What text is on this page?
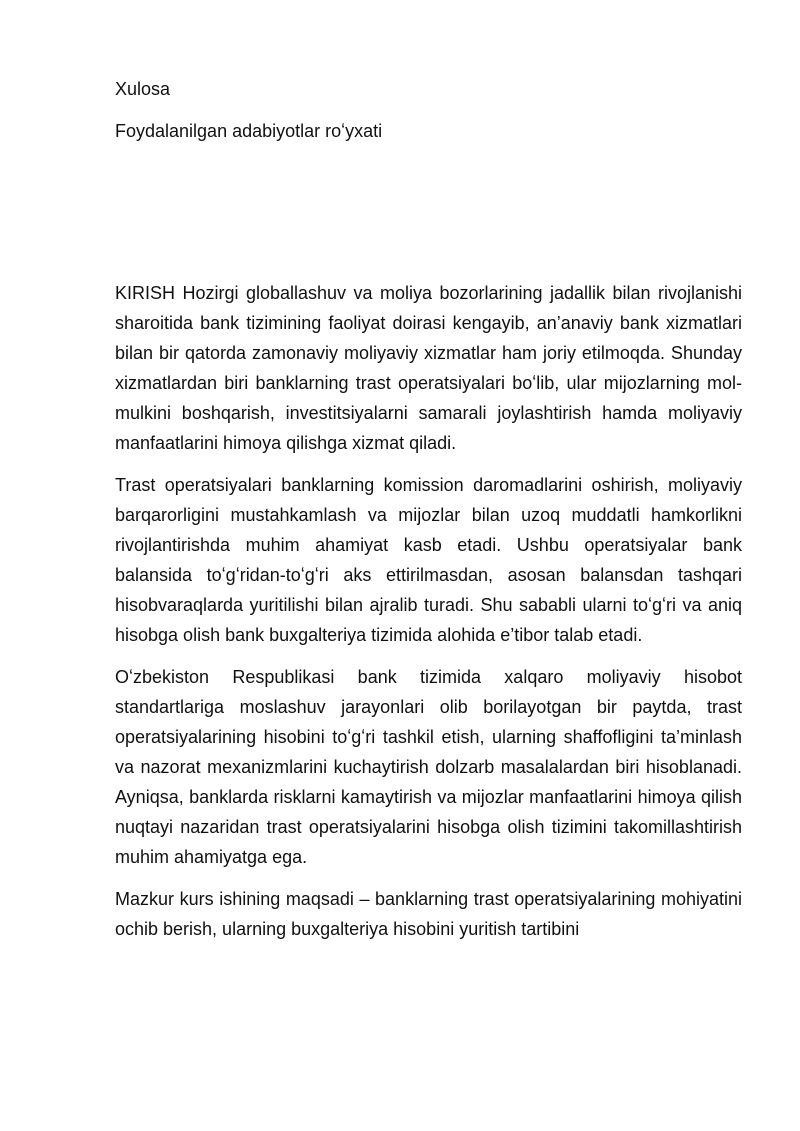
Xulosa

Foydalanilgan adabiyotlar roʻyxati

KIRISH Hozirgi globallashuv va moliya bozorlarining jadallik bilan rivojlanishi sharoitida bank tizimining faoliyat doirasi kengayib, an’anaviy bank xizmatlari bilan bir qatorda zamonaviy moliyaviy xizmatlar ham joriy etilmoqda. Shunday xizmatlardan biri banklarning trast operatsiyalari boʻlib, ular mijozlarning mol-mulkini boshqarish, investitsiyalarni samarali joylashtirish hamda moliyaviy manfaatlarini himoya qilishga xizmat qiladi.

Trast operatsiyalari banklarning komission daromadlarini oshirish, moliyaviy barqarorligini mustahkamlash va mijozlar bilan uzoq muddatli hamkorlikni rivojlantirishda muhim ahamiyat kasb etadi. Ushbu operatsiyalar bank balansida toʻgʻridan-toʻgʻri aks ettirilmasdan, asosan balansdan tashqari hisobvaraqlarda yuritilishi bilan ajralib turadi. Shu sababli ularni toʻgʻri va aniq hisobga olish bank buxgalteriya tizimida alohida e’tibor talab etadi.

Oʻzbekiston Respublikasi bank tizimida xalqaro moliyaviy hisobot standartlariga moslashuv jarayonlari olib borilayotgan bir paytda, trast operatsiyalarining hisobini toʻgʻri tashkil etish, ularning shaffofligini ta’minlash va nazorat mexanizmlarini kuchaytirish dolzarb masalalardan biri hisoblanadi. Ayniqsa, banklarda risklarni kamaytirish va mijozlar manfaatlarini himoya qilish nuqtayi nazaridan trast operatsiyalarini hisobga olish tizimini takomillashtirish muhim ahamiyatga ega.

Mazkur kurs ishining maqsadi – banklarning trast operatsiyalarining mohiyatini ochib berish, ularning buxgalteriya hisobini yuritish tartibini
